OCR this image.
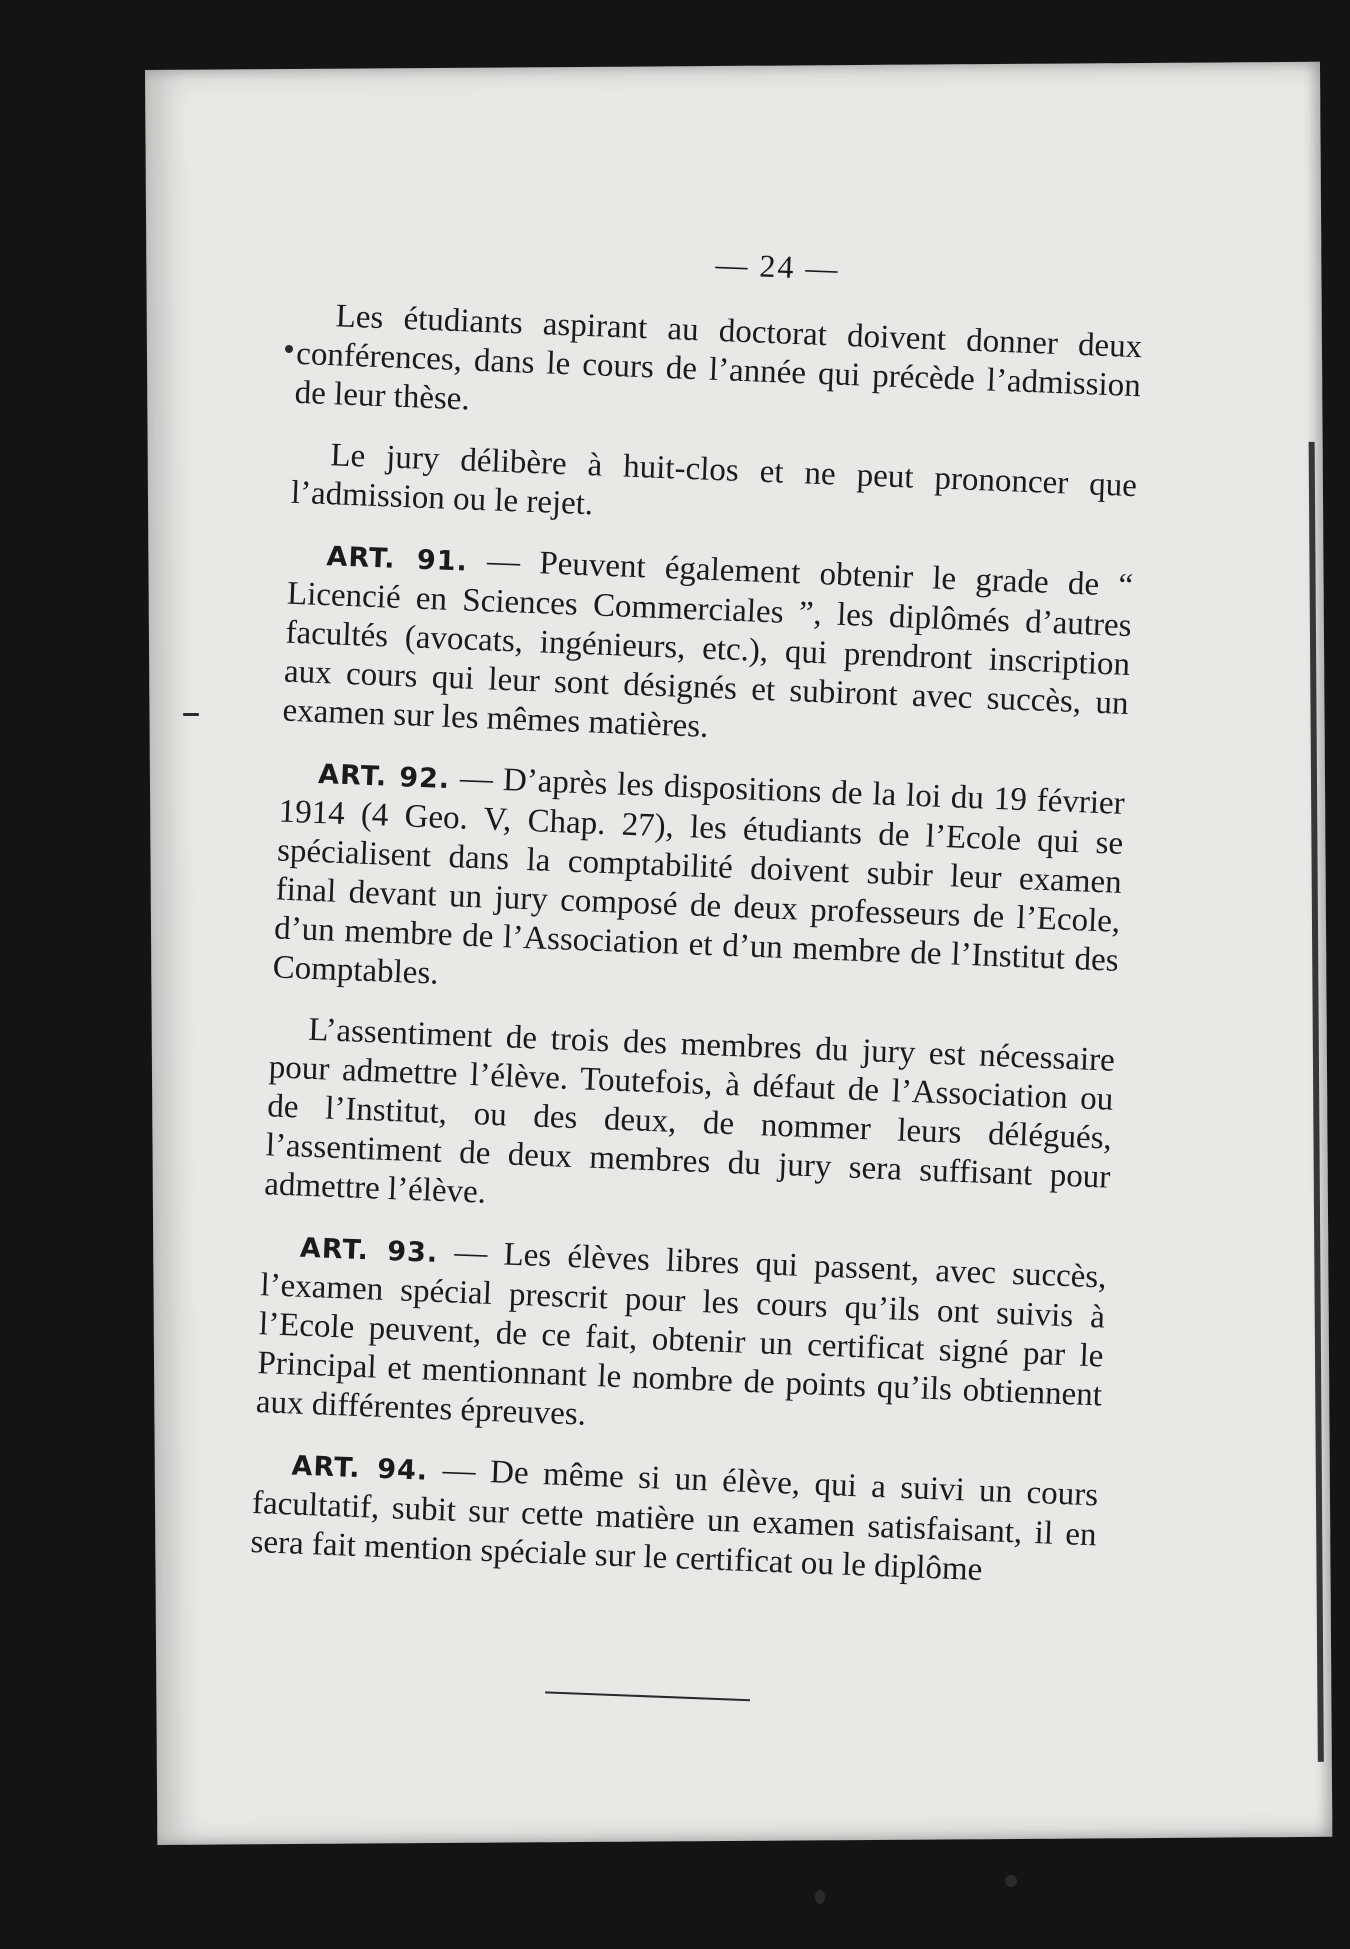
— 24 —

Les étudiants aspirant au doctorat doivent donner deux conférences, dans le cours de l’année qui précède l’admission de leur thèse.

Le jury délibère à huit-clos et ne peut prononcer que l’admission ou le rejet.

ART. 91. — Peuvent également obtenir le grade de “ Licencié en Sciences Commerciales ”, les diplômés d’autres facultés (avocats, ingénieurs, etc.), qui prendront inscription aux cours qui leur sont désignés et subiront avec succès, un examen sur les mêmes matières.

ART. 92. — D’après les dispositions de la loi du 19 février 1914 (4 Geo. V, Chap. 27), les étudiants de l’Ecole qui se spécialisent dans la comptabilité doivent subir leur examen final devant un jury composé de deux professeurs de l’Ecole, d’un membre de l’Association et d’un membre de l’Institut des Comptables.

L’assentiment de trois des membres du jury est nécessaire pour admettre l’élève. Toutefois, à défaut de l’Association ou de l’Institut, ou des deux, de nommer leurs délégués, l’assentiment de deux membres du jury sera suffisant pour admettre l’élève.

ART. 93. — Les élèves libres qui passent, avec succès, l’examen spécial prescrit pour les cours qu’ils ont suivis à l’Ecole peuvent, de ce fait, obtenir un certificat signé par le Principal et mentionnant le nombre de points qu’ils obtiennent aux différentes épreuves.

ART. 94. — De même si un élève, qui a suivi un cours facultatif, subit sur cette matière un examen satisfaisant, il en sera fait mention spéciale sur le certificat ou le diplôme
